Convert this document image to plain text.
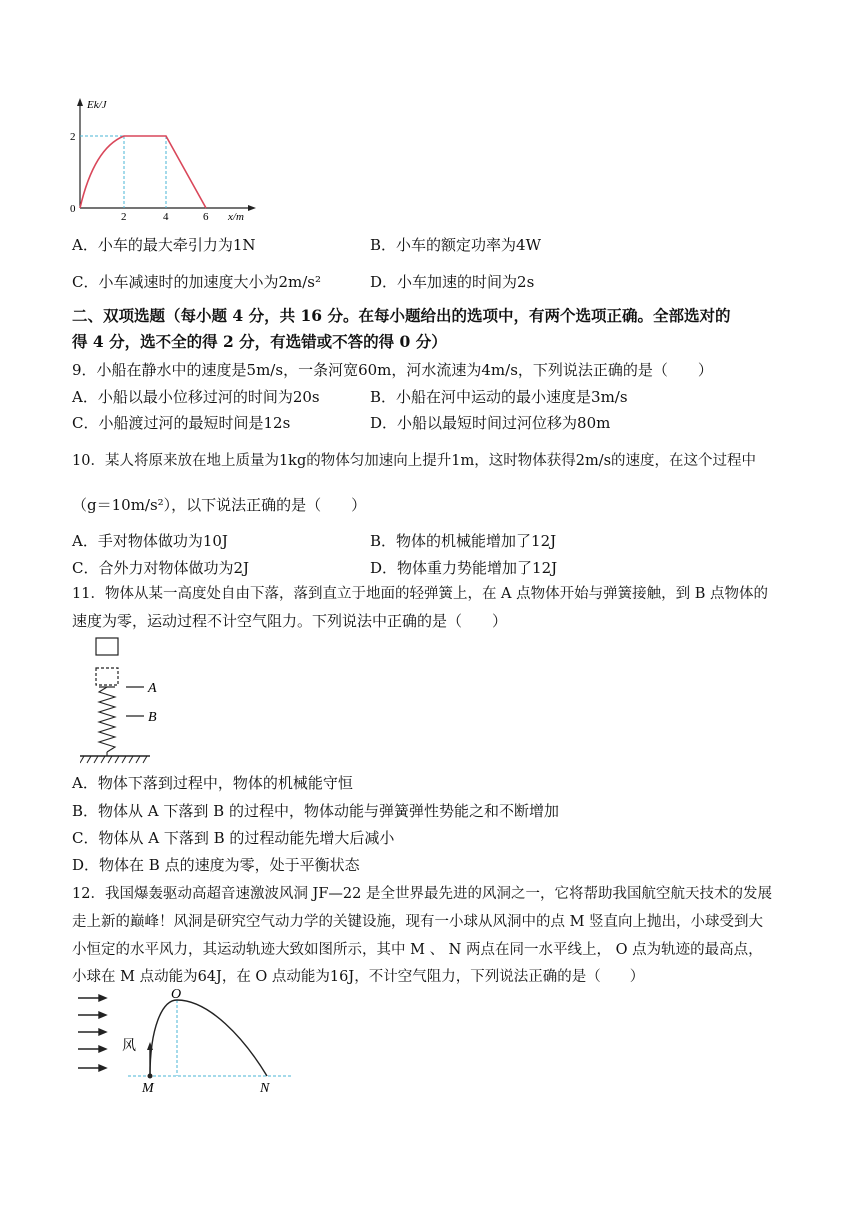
Ek/J
2
0
2	4	6 x/m
A．小车的最大牵引力为1N	B．小车的额定功率为4W
C．小车减速时的加速度大小为2m/s²	D．小车加速的时间为2s
二、双项选题（每小题 4 分，共 16 分。在每小题给出的选项中，有两个选项正确。全部选对的
得 4 分，选不全的得 2 分，有选错或不答的得 0 分）
9．小船在静水中的速度是5m/s，一条河宽60m，河水流速为4m/s，下列说法正确的是（　　）
A．小船以最小位移过河的时间为20s	B．小船在河中运动的最小速度是3m/s
C．小船渡过河的最短时间是12s	D．小船以最短时间过河位移为80m
10．某人将原来放在地上质量为1kg的物体匀加速向上提升1m，这时物体获得2m/s的速度，在这个过程中
（g＝10m/s²），以下说法正确的是（　　）
A．手对物体做功为10J	B．物体的机械能增加了12J
C．合外力对物体做功为2J	D．物体重力势能增加了12J
11．物体从某一高度处自由下落，落到直立于地面的轻弹簧上，在 A 点物体开始与弹簧接触，到 B 点物体的
速度为零，运动过程不计空气阻力。下列说法中正确的是（　　）
A
B
A．物体下落到过程中，物体的机械能守恒
B．物体从 A 下落到 B 的过程中，物体动能与弹簧弹性势能之和不断增加
C．物体从 A 下落到 B 的过程动能先增大后减小
D．物体在 B 点的速度为零，处于平衡状态
12．我国爆轰驱动高超音速激波风洞 JF—22 是全世界最先进的风洞之一，它将帮助我国航空航天技术的发展
走上新的巅峰！风洞是研究空气动力学的关键设施，现有一小球从风洞中的点 M 竖直向上抛出，小球受到大
小恒定的水平风力，其运动轨迹大致如图所示，其中 M 、 N 两点在同一水平线上， O 点为轨迹的最高点，
小球在 M 点动能为64J，在 O 点动能为16J，不计空气阻力，下列说法正确的是（　　）
风
O
M	N
